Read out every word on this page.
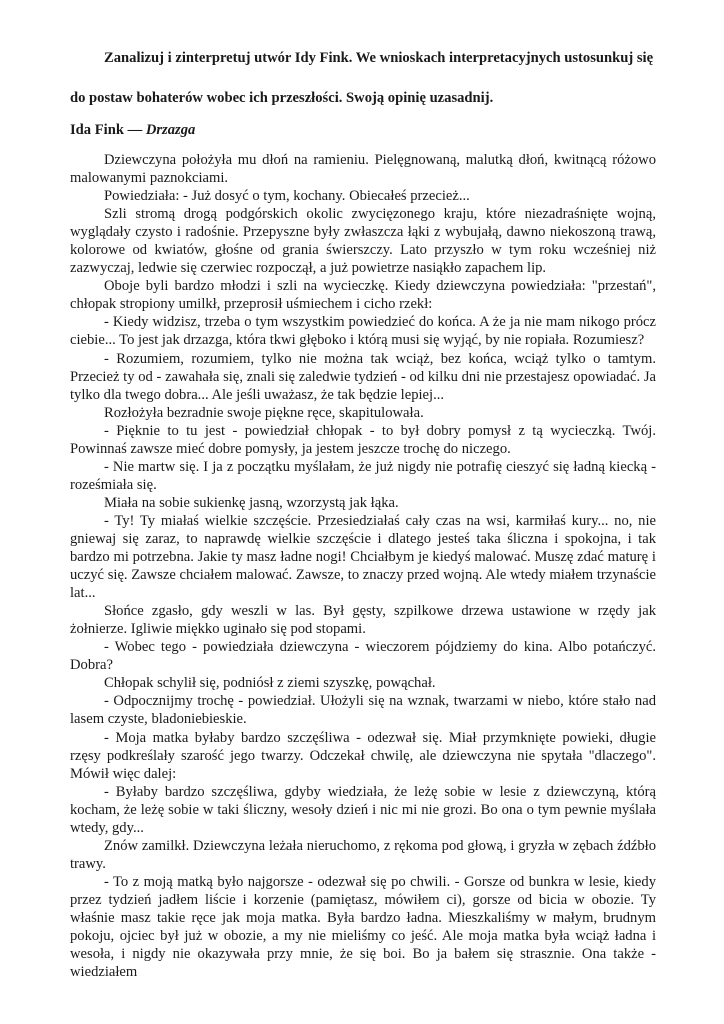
Zanalizuj i zinterpretuj utwór Idy Fink. We wnioskach interpretacyjnych ustosunkuj się
do postaw bohaterów wobec ich przeszłości. Swoją opinię uzasadnij.
Ida Fink — Drzazga

Dziewczyna położyła mu dłoń na ramieniu. Pielęgnowaną, malutką dłoń, kwitnącą różowo malowanymi paznokciami.

Powiedziała: - Już dosyć o tym, kochany. Obiecałeś przecież...

Szli stromą drogą podgórskich okolic zwycięzonego kraju, które niezadraśnięte wojną, wyglądały czysto i radośnie. Przepyszne były zwłaszcza łąki z wybujałą, dawno niekoszoną trawą, kolorowe od kwiatów, głośne od grania świerszczy. Lato przyszło w tym roku wcześniej niż zazwyczaj, ledwie się czerwiec rozpoczął, a już powietrze nasiąkło zapachem lip.

Oboje byli bardzo młodzi i szli na wycieczkę. Kiedy dziewczyna powiedziała: "przestań", chłopak stropiony umilkł, przeprosił uśmiechem i cicho rzekł:

- Kiedy widzisz, trzeba o tym wszystkim powiedzieć do końca. A że ja nie mam nikogo prócz ciebie... To jest jak drzazga, która tkwi głęboko i którą musi się wyjąć, by nie ropiała. Rozumiesz?

- Rozumiem, rozumiem, tylko nie można tak wciąż, bez końca, wciąż tylko o tamtym. Przecież ty od - zawahała się, znali się zaledwie tydzień - od kilku dni nie przestajesz opowiadać. Ja tylko dla twego dobra... Ale jeśli uważasz, że tak będzie lepiej...

Rozłożyła bezradnie swoje piękne ręce, skapitulowała.

- Pięknie to tu jest - powiedział chłopak - to był dobry pomysł z tą wycieczką. Twój. Powinnaś zawsze mieć dobre pomysły, ja jestem jeszcze trochę do niczego.

- Nie martw się. I ja z początku myślałam, że już nigdy nie potrafię cieszyć się ładną kiecką - roześmiała się.

Miała na sobie sukienkę jasną, wzorzystą jak łąka.

- Ty! Ty miałaś wielkie szczęście. Przesiedziałaś cały czas na wsi, karmiłaś kury... no, nie gniewaj się zaraz, to naprawdę wielkie szczęście i dlatego jesteś taka śliczna i spokojna, i tak bardzo mi potrzebna. Jakie ty masz ładne nogi! Chciałbym je kiedyś malować. Muszę zdać maturę i uczyć się. Zawsze chciałem malować. Zawsze, to znaczy przed wojną. Ale wtedy miałem trzynaście lat...

Słońce zgasło, gdy weszli w las. Był gęsty, szpilkowe drzewa ustawione w rzędy jak żołnierze. Igliwie miękko uginało się pod stopami.

- Wobec tego - powiedziała dziewczyna - wieczorem pójdziemy do kina. Albo potańczyć. Dobra?

Chłopak schylił się, podniósł z ziemi szyszkę, powąchał.

- Odpocznijmy trochę - powiedział. Ułożyli się na wznak, twarzami w niebo, które stało nad lasem czyste, bladoniebieskie.

- Moja matka byłaby bardzo szczęśliwa - odezwał się. Miał przymknięte powieki, długie rzęsy podkreślały szarość jego twarzy. Odczekał chwilę, ale dziewczyna nie spytała "dlaczego". Mówił więc dalej:

- Byłaby bardzo szczęśliwa, gdyby wiedziała, że leżę sobie w lesie z dziewczyną, którą kocham, że leżę sobie w taki śliczny, wesoły dzień i nic mi nie grozi. Bo ona o tym pewnie myślała wtedy, gdy...

Znów zamilkł. Dziewczyna leżała nieruchomo, z rękoma pod głową, i gryzła w zębach źdźbło trawy.

- To z moją matką było najgorsze - odezwał się po chwili. - Gorsze od bunkra w lesie, kiedy przez tydzień jadłem liście i korzenie (pamiętasz, mówiłem ci), gorsze od bicia w obozie. Ty właśnie masz takie ręce jak moja matka. Była bardzo ładna. Mieszkaliśmy w małym, brudnym pokoju, ojciec był już w obozie, a my nie mieliśmy co jeść. Ale moja matka była wciąż ładna i wesoła, i nigdy nie okazywała przy mnie, że się boi. Bo ja bałem się strasznie. Ona także - wiedziałem
